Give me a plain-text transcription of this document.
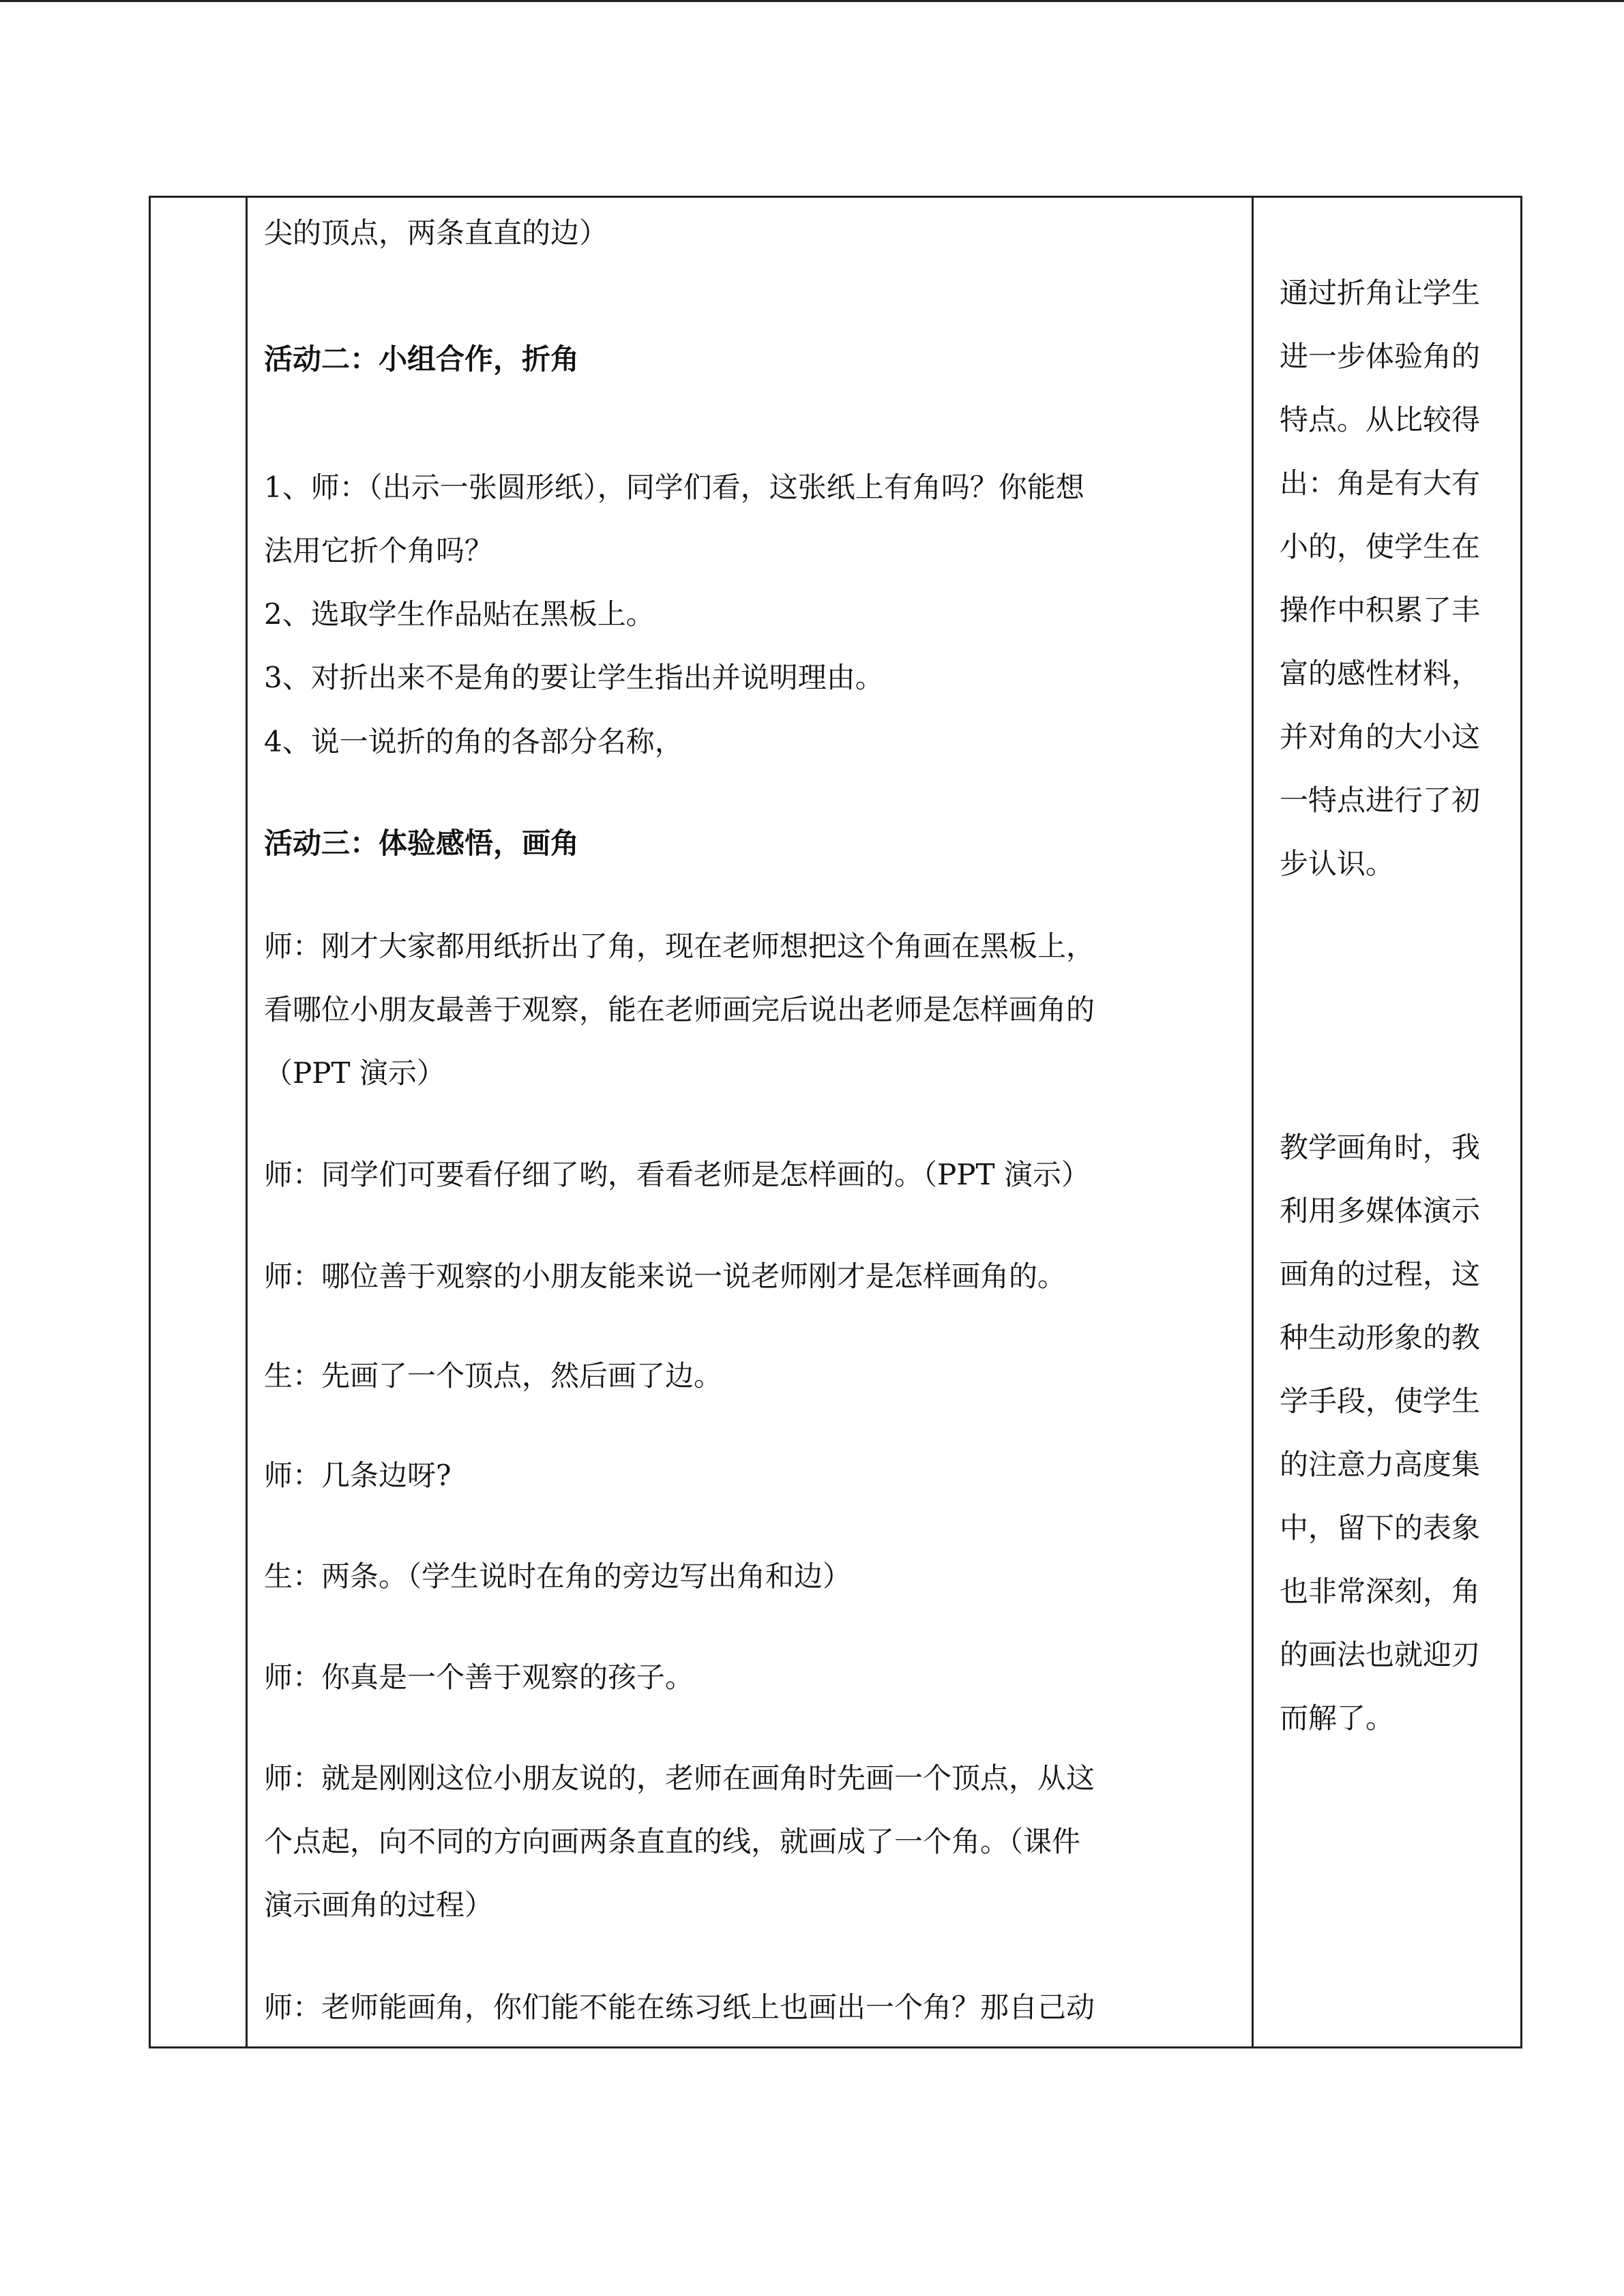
尖的顶点，两条直直的边）
活动二：小组合作，折角
1、师：（出示一张圆形纸），同学们看，这张纸上有角吗？你能想
法用它折个角吗？
2、选取学生作品贴在黑板上。
3、对折出来不是角的要让学生指出并说明理由。
4、说一说折的角的各部分名称，
活动三：体验感悟，画角
师：刚才大家都用纸折出了角，现在老师想把这个角画在黑板上，
看哪位小朋友最善于观察，能在老师画完后说出老师是怎样画角的
（PPT 演示）
师：同学们可要看仔细了哟，看看老师是怎样画的。（PPT 演示）
师：哪位善于观察的小朋友能来说一说老师刚才是怎样画角的。
生：先画了一个顶点，然后画了边。
师：几条边呀?
生：两条。（学生说时在角的旁边写出角和边）
师：你真是一个善于观察的孩子。
师：就是刚刚这位小朋友说的，老师在画角时先画一个顶点，从这
个点起，向不同的方向画两条直直的线，就画成了一个角。（课件
演示画角的过程）
师：老师能画角，你们能不能在练习纸上也画出一个角？那自己动
通过折角让学生
进一步体验角的
特点。从比较得
出：角是有大有
小的，使学生在
操作中积累了丰
富的感性材料，
并对角的大小这
一特点进行了初
步认识。
教学画角时，我
利用多媒体演示
画角的过程，这
种生动形象的教
学手段，使学生
的注意力高度集
中，留下的表象
也非常深刻，角
的画法也就迎刃
而解了。
